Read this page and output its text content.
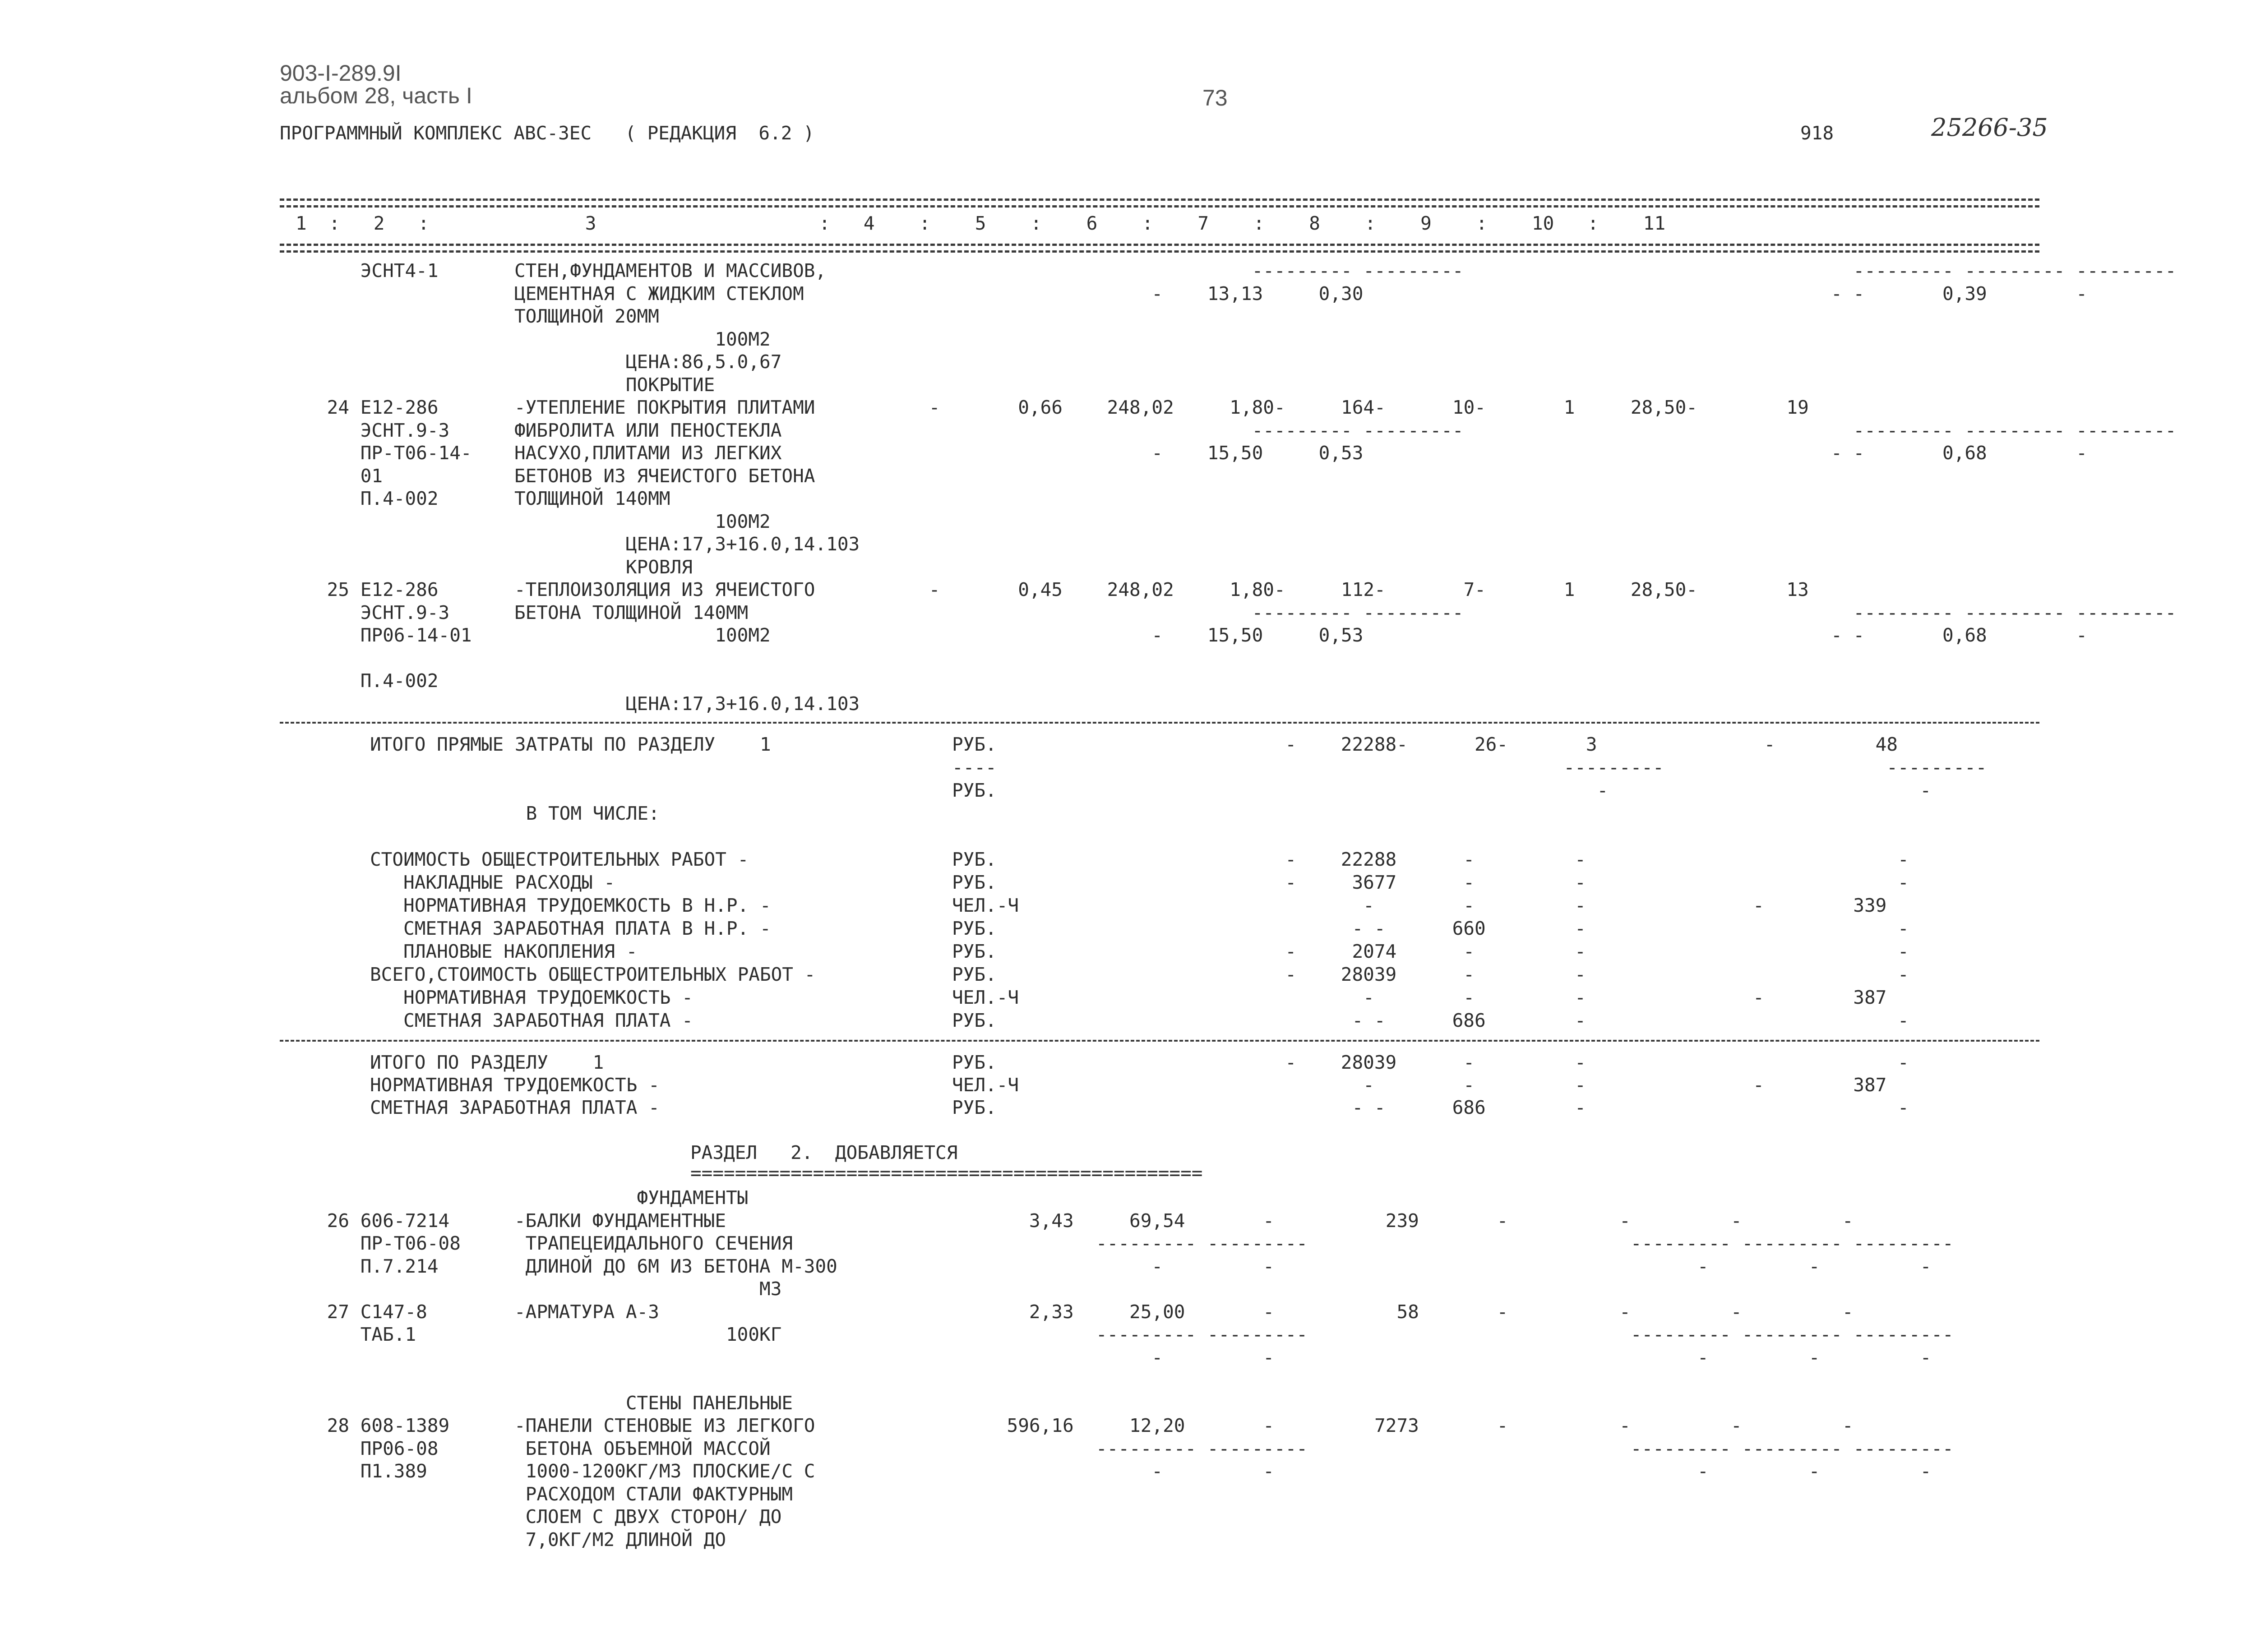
903-I-289.9I
альбом 28, часть I	73
ПРОГРАММНЫЙ КОМПЛЕКС АВС-3ЕС   ( РЕДАКЦИЯ  6.2 )	918	25266-35
1  :   2   :              3                    :   4    :    5    :    6    :    7    :    8    :    9    :    10   :    11
ЭСНТ4-1	СТЕН,ФУНДАМЕНТОВ И МАССИВОВ,	--------- ---------                                   --------- --------- ---------
ЦЕМЕНТНАЯ С ЖИДКИМ СТЕКЛОМ	-    13,13     0,30                                          - -       0,39        -
ТОЛЩИНОЙ 20ММ
100М2
ЦЕНА:86,5.0,67
ПОКРЫТИЕ
24 Е12-286	-УТЕПЛЕНИЕ ПОКРЫТИЯ ПЛИТАМИ	-       0,66    248,02     1,80-     164-      10-       1     28,50-        19
ЭСНТ.9-3	ФИБРОЛИТА ИЛИ ПЕНОСТЕКЛА	--------- ---------                                   --------- --------- ---------
ПР-Т06-14- НАСУХО,ПЛИТАМИ ИЗ ЛЕГКИХ	-    15,50     0,53                                          - -       0,68        -
01	БЕТОНОВ ИЗ ЯЧЕИСТОГО БЕТОНА
П.4-002	ТОЛЩИНОЙ 140ММ
100М2
ЦЕНА:17,3+16.0,14.103
КРОВЛЯ
25 Е12-286	-ТЕПЛОИЗОЛЯЦИЯ ИЗ ЯЧЕИСТОГО	-       0,45    248,02     1,80-     112-       7-       1     28,50-        13
ЭСНТ.9-3	БЕТОНА ТОЛЩИНОЙ 140ММ	--------- ---------                                   --------- --------- ---------
ПР06-14-01 100М2	-    15,50     0,53                                          - -       0,68        -
П.4-002
ЦЕНА:17,3+16.0,14.103
ИТОГО ПРЯМЫЕ ЗАТРАТЫ ПО РАЗДЕЛУ    1	РУБ.	-    22288-      26-       3               -         48
----	---------                    ---------
РУБ.	-                            -
В ТОМ ЧИСЛЕ:
СТОИМОСТЬ ОБЩЕСТРОИТЕЛЬНЫХ РАБОТ -	РУБ.	-    22288      -         -                            -
НАКЛАДНЫЕ РАСХОДЫ -	РУБ.	-     3677      -         -                            -
НОРМАТИВНАЯ ТРУДОЕМКОСТЬ В Н.Р. -	ЧЕЛ.-Ч -        -         -               -        339
СМЕТНАЯ ЗАРАБОТНАЯ ПЛАТА В Н.Р. -	РУБ.	- -      660        -                            -
ПЛАНОВЫЕ НАКОПЛЕНИЯ -	РУБ.	-     2074      -         -                            -
ВСЕГО,СТОИМОСТЬ ОБЩЕСТРОИТЕЛЬНЫХ РАБОТ -	РУБ.	-    28039      -         -                            -
НОРМАТИВНАЯ ТРУДОЕМКОСТЬ -	ЧЕЛ.-Ч -        -         -               -        387
СМЕТНАЯ ЗАРАБОТНАЯ ПЛАТА -	РУБ.	- -      686        -                            -
ИТОГО ПО РАЗДЕЛУ    1	РУБ.	-    28039      -         -                            -
НОРМАТИВНАЯ ТРУДОЕМКОСТЬ -	ЧЕЛ.-Ч -        -         -               -        387
СМЕТНАЯ ЗАРАБОТНАЯ ПЛАТА -	РУБ.	- -      686        -                            -
РАЗДЕЛ   2.  ДОБАВЛЯЕТСЯ
==============================================
ФУНДАМЕНТЫ
26 606-7214	-БАЛКИ ФУНДАМЕНТНЫЕ	3,43     69,54       -          239       -          -         -         -
ПР-Т06-08	ТРАПЕЦЕИДАЛЬНОГО СЕЧЕНИЯ	--------- ---------                             --------- --------- ---------
П.7.214	ДЛИНОЙ ДО 6М ИЗ БЕТОНА М-300	-         -                                      -         -         -
М3
27 С147-8	-АРМАТУРА А-3	2,33     25,00       -           58       -          -         -         -
ТАБ.1	100КГ	--------- ---------                             --------- --------- ---------
-         -                                      -         -         -
СТЕНЫ ПАНЕЛЬНЫЕ
28 608-1389	-ПАНЕЛИ СТЕНОВЫЕ ИЗ ЛЕГКОГО	596,16     12,20       -         7273       -          -         -         -
ПР06-08	БЕТОНА ОБЪЕМНОЙ МАССОЙ	--------- ---------                             --------- --------- ---------
П1.389	1000-1200КГ/М3 ПЛОСКИЕ/С С	-         -                                      -         -         -
РАСХОДОМ СТАЛИ ФАКТУРНЫМ
СЛОЕМ С ДВУХ СТОРОН/ ДО
7,0КГ/М2 ДЛИНОЙ ДО
